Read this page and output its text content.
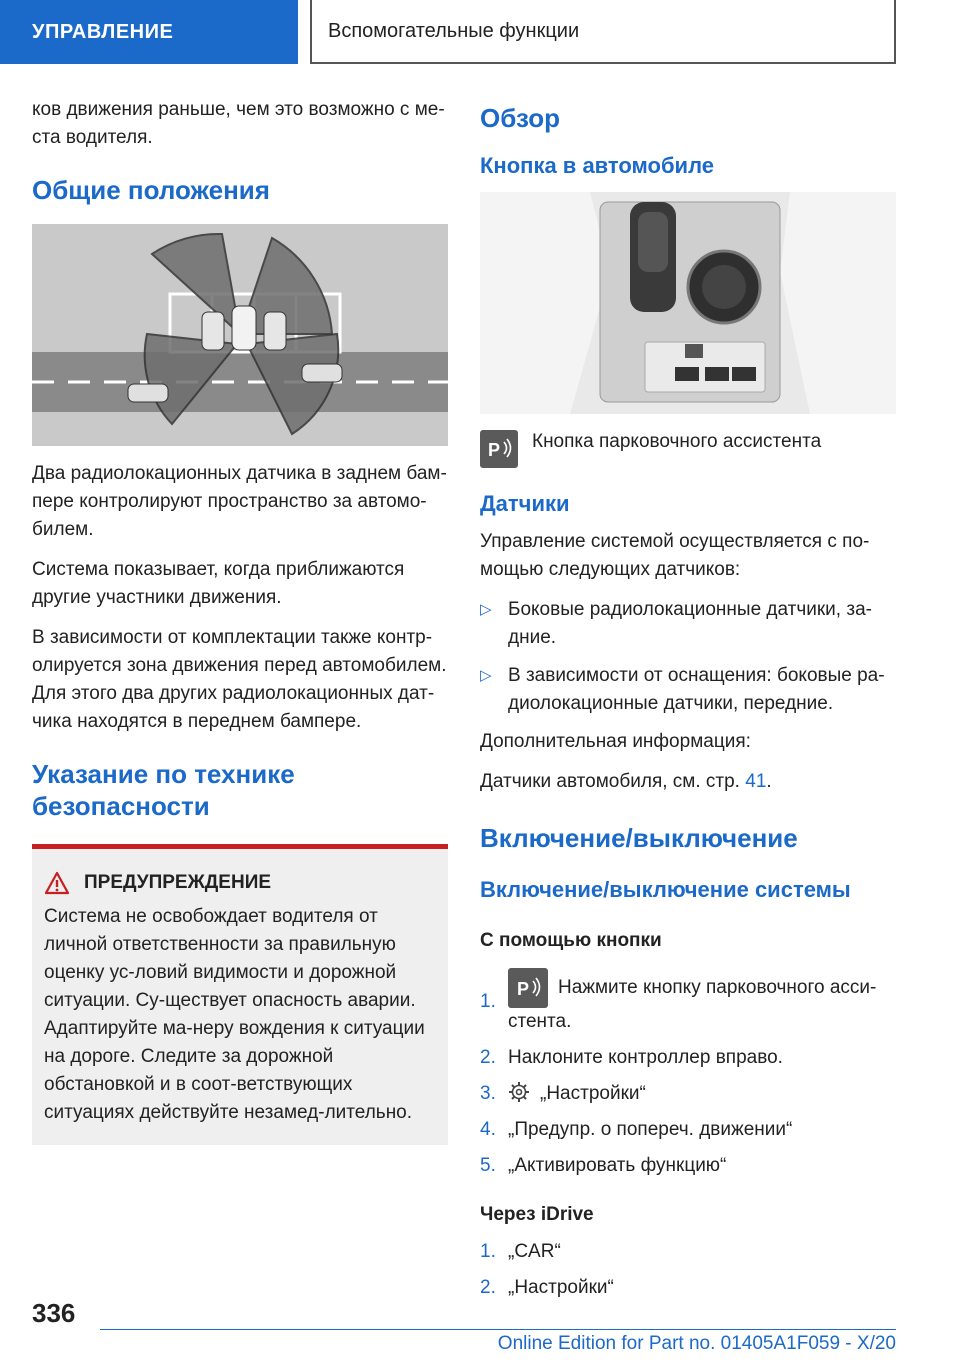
УПРАВЛЕНИЕ	Вспомогательные функции

ков движения раньше, чем это возможно с ме-ста водителя.

Общие положения

Два радиолокационных датчика в заднем бам-пере контролируют пространство за автомо-билем.

Система показывает, когда приближаются другие участники движения.

В зависимости от комплектации также контр-олируется зона движения перед автомобилем. Для этого два других радиолокационных дат-чика находятся в переднем бампере.

Указание по технике безопасности
ПРЕДУПРЕЖДЕНИЕ

Система не освобождает водителя от личной ответственности за правильную оценку ус-ловий видимости и дорожной ситуации. Су-ществует опасность аварии. Адаптируйте ма-неру вождения к ситуации на дороге. Следите за дорожной обстановкой и в соот-ветствующих ситуациях действуйте незамед-лительно.

Обзор
Кнопка в автомобиле
P Кнопка парковочного ассистента
Датчики

Управление системой осуществляется с по-мощью следующих датчиков:

▷ Боковые радиолокационные датчики, за-дние.
▷ В зависимости от оснащения: боковые ра-диолокационные датчики, передние.

Дополнительная информация:

Датчики автомобиля, см. стр. 41.

Включение/выключение
Включение/выключение системы
С помощью кнопки
1.
P Нажмите кнопку парковочного асси-стента.
2. Наклоните контроллер вправо.
3.	„Настройки“
4. „Предупр. о попереч. движении“
5. „Активировать функцию“
Через iDrive
1. „CAR“
2. „Настройки“
336
Online Edition for Part no. 01405A1F059 - X/20
